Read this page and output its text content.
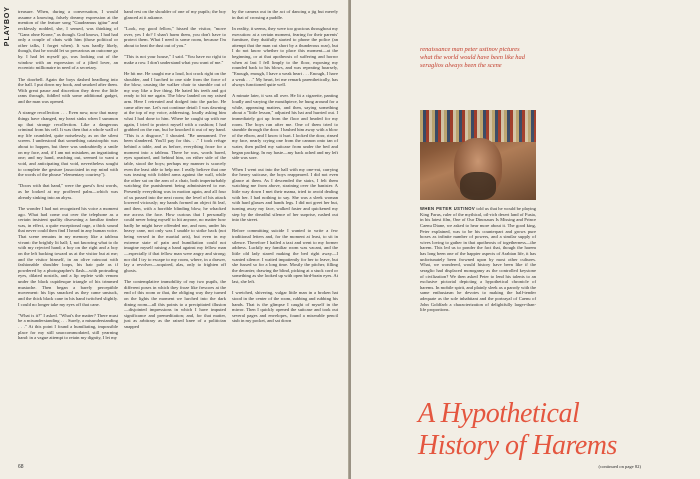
PLAYBOY	treasure. When, during a conversation, I would assume a knowing, falsely dreamy expression at the mention of the feature song "Gaudeamus igitur" and recklessly nodded, she, I sensed, was thinking of "Ganz ohne Krone," as though. God knows, I had had only a couple of chats with him (those political or other talks, I forget when). It was hardly likely, though, that he would let so precarious an outcome go by. I had let myself go, was looking out of the window with an expression of a jilted lover, an eccentric millionaire in need of a secretary.

The doorbell. Again the boys dashed headlong into the hall. I put down my book, and smoked after them. With great pause and discretion they drew the little rams through, fiddled with some additional gadget, and the man was opened.

A strange recollection . . . Even now, now that many things have changed, my heart sinks when I summon up that strange recollection. Like a dangerous criminal from his cell. It was then that a whole wall of my life crumbled, quite noiselessly, as on the silent screen. I understood that something catastrophic was about to happen, but there was undoubtedly a smile on my face, and, if I am not mistaken, an ingratiating one; and my hand, reaching out, seemed to want a void, and anticipating that void, nevertheless sought to complete the gesture (associated in my mind with the words of the phrase "elementary courtesy").

"Doors with that hand," were the guest's first words, as he looked at my proffered palm—which was already sinking into an abyss.

The wonder I had not recognized his voice a moment ago. What had come out over the telephone as a certain insistent quality disowning a familiar timbre was, in effect, a quite exceptional rage, a thick sound that never could then find I heard in any human voice. That scene remains in my memory like a tableau vivant: the brightly lit hall; I, not knowing what to do with my rejected hand; a boy on the right and a boy on the left backing toward us at the visitor but at me; and the visitor himself, in an olive raincoat with fashionable shoulder loops, his hair pale as if powdered by a photographer's flash—with protruding eyes, dilated nostrils, and a lip replete with venom under the black cupidesque triangle of his trimmed mustache. Then began a barely perceptible movement: his lips smacked as they came unstuck, and the thick black cane in his hand twitched slightly. I could no longer take my eyes off that cane.

"What is it?" I asked. "What's the matter? There must be a misunderstanding . . . Surely, a misunderstanding . . ." At this point I found a humiliating, impossible place for my still unaccommodated, still yearning hand: in a vague attempt to retain my dignity, I let my

hand rest on the shoulder of one of my pupils; the boy glanced at it askance.

"Look, my good fellow," hissed the visitor, "move over, yes I do? I shan't harm them, you don't have to protect them. What I need is some room, because I'm about to beat the dust out of you."

"This is not your house," I said. "You have no right to make a row. I don't understand what you want of me."

He hit me. He caught me a loud, hot crack right on the shoulder, and I lurched to one side from the force of the blow, causing the walker chair to stumble out of my way like a live thing. He hated his teeth and got ready to hit me again. The blow landed on my raised arm. Here I retreated and dodged into the parlor. He came after me. Let's not continue detail: I was dawning at the top of my voice, addressing, loudly asking him what I had done to him. Where he caught up with me again, I tried to protect myself with a cushion; I had grabbed on the run, but he knocked it out of my hand. "This is a disgrace," I shouted. "Be unmanned. I've been slandered. You'll pay for this. . ." I took refuge behind a table, and as before, everything froze for a moment into a tableau. There he was, words bared, eyes upraised, and behind him, on either side of the table, stood the boys; perhaps my manner is scarcely even the least able to help me. I really believe that one was teasing with folded arms against the wall, while the other sat on the arm of a chair, both imperturbably watching the punishment being administered to me. Presently everything was in motion again, and all four of us passed into the next room; the level of his attack lowered viciously; my hands formed an object fit leaf, and then, with a horrible blinding blow, he whacked me across the face. How curious that I personally could never bring myself to hit anyone, no matter how badly he might have offended me, and now, under his heavy cane, not only was I unable to strike back (not being versed in the martial arts), but even in my extreme state of pain and humiliation could not imagine myself raising a hand against my fellow man—especially if that fellow man were angry and strong; nor did I try to escape to my room, where, in a drawer, lay a revolver—acquired, alas, only to frighten off ghosts.

The contemplative immobility of my two pupils, the different poses in which they froze like frescoes at the end of this room or that, the obliging way they turned on the lights the moment we lurched into the dark dining room—all this points to a precipitated illusion—disjointed impressions in which I have imputed significance and premeditation; and, for that matter, just as arbitrary as the raised knee of a politician snapped

by the camera out in the act of dancing a jig but merely in that of crossing a puddle.

In reality, it seems, they were too gracious throughout my execution: at a certain moment, fearing for their parents' furniture, they dutifully started to phone the police (an attempt that the man cut short by a thunderous roar), but I do not know whether to place this moment—at the beginning, or at that apotheosis of suffering and horror when at last I fell limply to the floor, exposing my rounded back to his blows, and was repeating hoarsely, "Enough, enough, I have a weak heart . . . Enough, I have a weak . . ." My heart, let me remark parenthetically, has always functioned quite well.

A minute later, it was all over. He lit a cigarette, panting loudly and varying the mouthpiece, he hung around for a while, appeasing matters, and then, saying something about a "little lesson," adjusted his hat and hurried out. I immediately got up from the floor and headed for my room. The boys ran after me. One of them tried to stumble through the door. I bashed him away with a blow of the elbow, and I know it hurt. I locked the door, rinsed my face, nearly crying one from the cannon onto tan of water, then pulled my suitcase from under the bed and began packing. In my haste—my back ached and my left side was sore.

When I went out into the hall with my one-eat, carrying the heavy suitcase, the boys reappeared. I did not even glance at them. As I descended the stairs, I felt them watching me from above, straining over the banister. A little way down I met their mama, tried to avoid dealing with her. I had nothing to say. She was a sleek woman with hard glasses and hands legs. I did not greet her but, turning away my face, walked faster and quickened my step by the dreadful silence of her surprise, rushed out into the street.

Before committing suicide I wanted to write a few traditional letters and, for the moment at least, to sit in silence. Therefore I hailed a taxi and went to my former address. Luckily my familiar room was vacant, and the little old lady stared making the bed right away—I wanted silence. I waited impatiently for her to leave, but she fussed so for a long time. Mostly the pitcher, filling the decanter, drawing the blind, picking at a stuck cord or something as she looked up with open bird-brain eyes. At last, she left.

I wretched, shivering, vulgar little man in a broken hat stood in the center of the room, rubbing and rubbing his hands. That is the glimpse I caught of myself in the mirror. Then I quickly opened the suitcase and took out several pages and envelopes, found a miserable pencil stub in my pocket, and sat down

68	(continued on page 82)

renaissance man peter ustinov pictures what the world would have been like had seraglios always been the scene
WHEN PETER USTINOV told us that he would be playing King Farus, ruler of the mythical, oil-rich desert land of Fusia, in his latest film, One of Our Dinosaurs Is Missing and Prince Caenu Diane, we asked to hear more about it. The good king, Peter explained, was to be his counterpart and grows pure boxes as infinite number of powers, and a similar supply of wives loving to gather in that apotheosis of togetherness—the harem. This led us to ponder the fact that, though the harem has long been one of the happier aspects of Arabian life, it has unfortunately been frowned upon by most other cultures. What, we wondered, would history have been like if the seraglio had displaced monogamy as the controlled keystone of civilization? We then asked Peter to lend his talents to an exclusive pictorial depicting a hypothetical chronicle of harems. In mobile spirit, and plainly sleek as a parody with the same enthusiasm he devotes to making the half-tender adequate as the sole inhabitant and the portrayal of Caenu of John Goldfarb a characterization of delightfully larger-than-life proportions.
A Hypothetical
History of Harems
